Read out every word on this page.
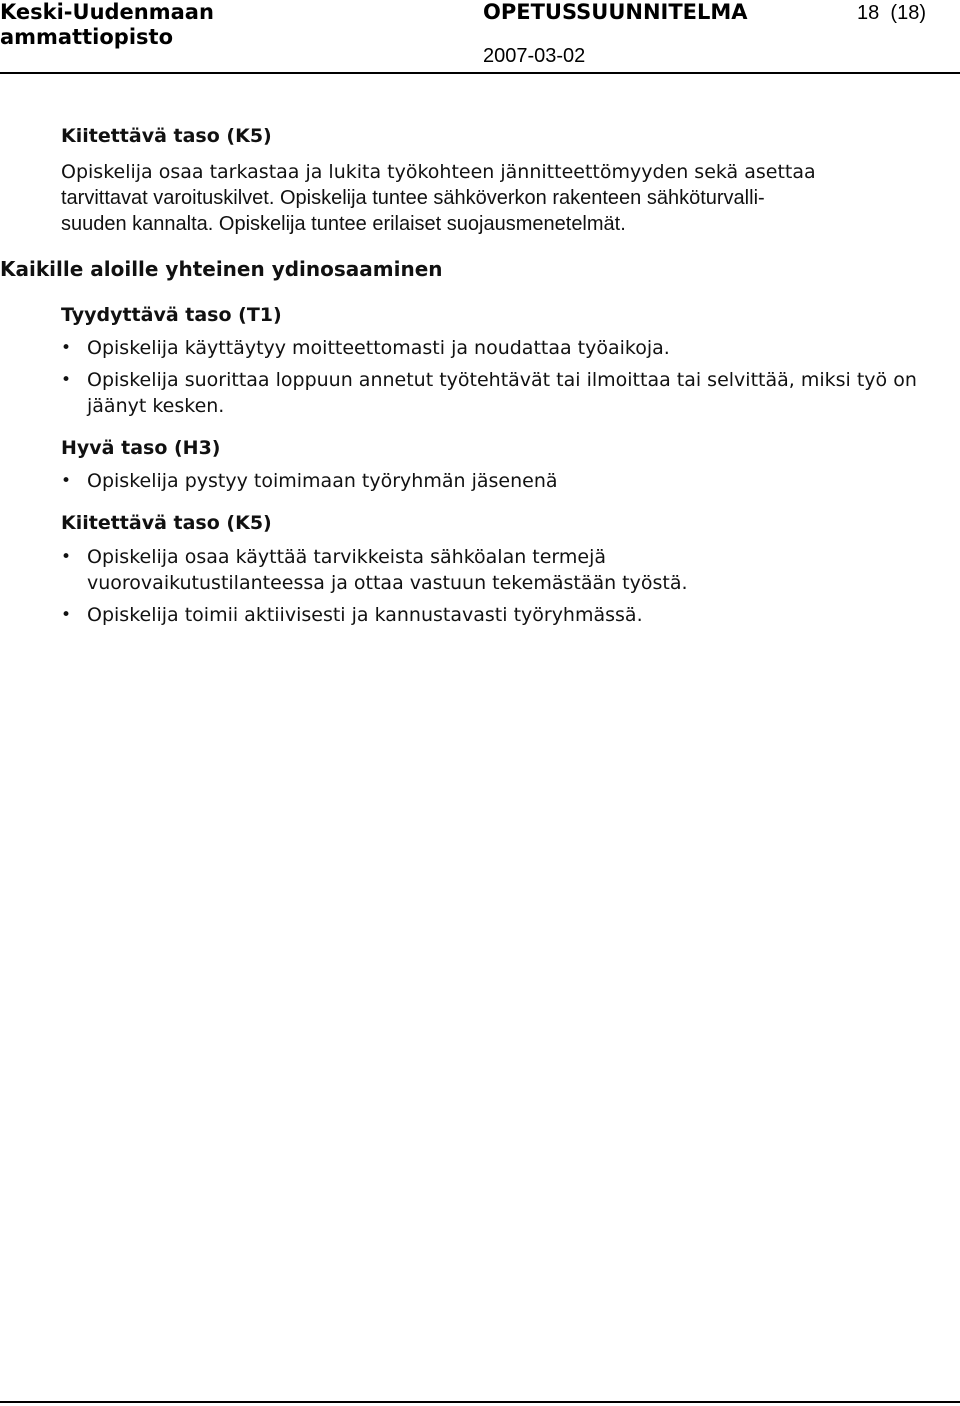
Keski-Uudenmaan
ammattiopisto
OPETUSSUUNNITELMA
2007-03-02
18 (18)

Kiitettävä taso (K5)

Opiskelija osaa tarkastaa ja lukita työkohteen jännitteettömyyden sekä asettaa

tarvittavat varoituskilvet. Opiskelija tuntee sähköverkon rakenteen sähköturvalli-

suuden kannalta. Opiskelija tuntee erilaiset suojausmenetelmät.

Kaikille aloille yhteinen ydinosaaminen

Tyydyttävä taso (T1)

• Opiskelija käyttäytyy moitteettomasti ja noudattaa työaikoja.
• Opiskelija suorittaa loppuun annetut työtehtävät tai ilmoittaa tai selvittää, miksi työ on jäänyt kesken.

Hyvä taso (H3)

• Opiskelija pystyy toimimaan työryhmän jäsenenä

Kiitettävä taso (K5)

• Opiskelija osaa käyttää tarvikkeista sähköalan termejä vuorovaikutustilanteessa ja ottaa vastuun tekemästään työstä.
• Opiskelija toimii aktiivisesti ja kannustavasti työryhmässä.
